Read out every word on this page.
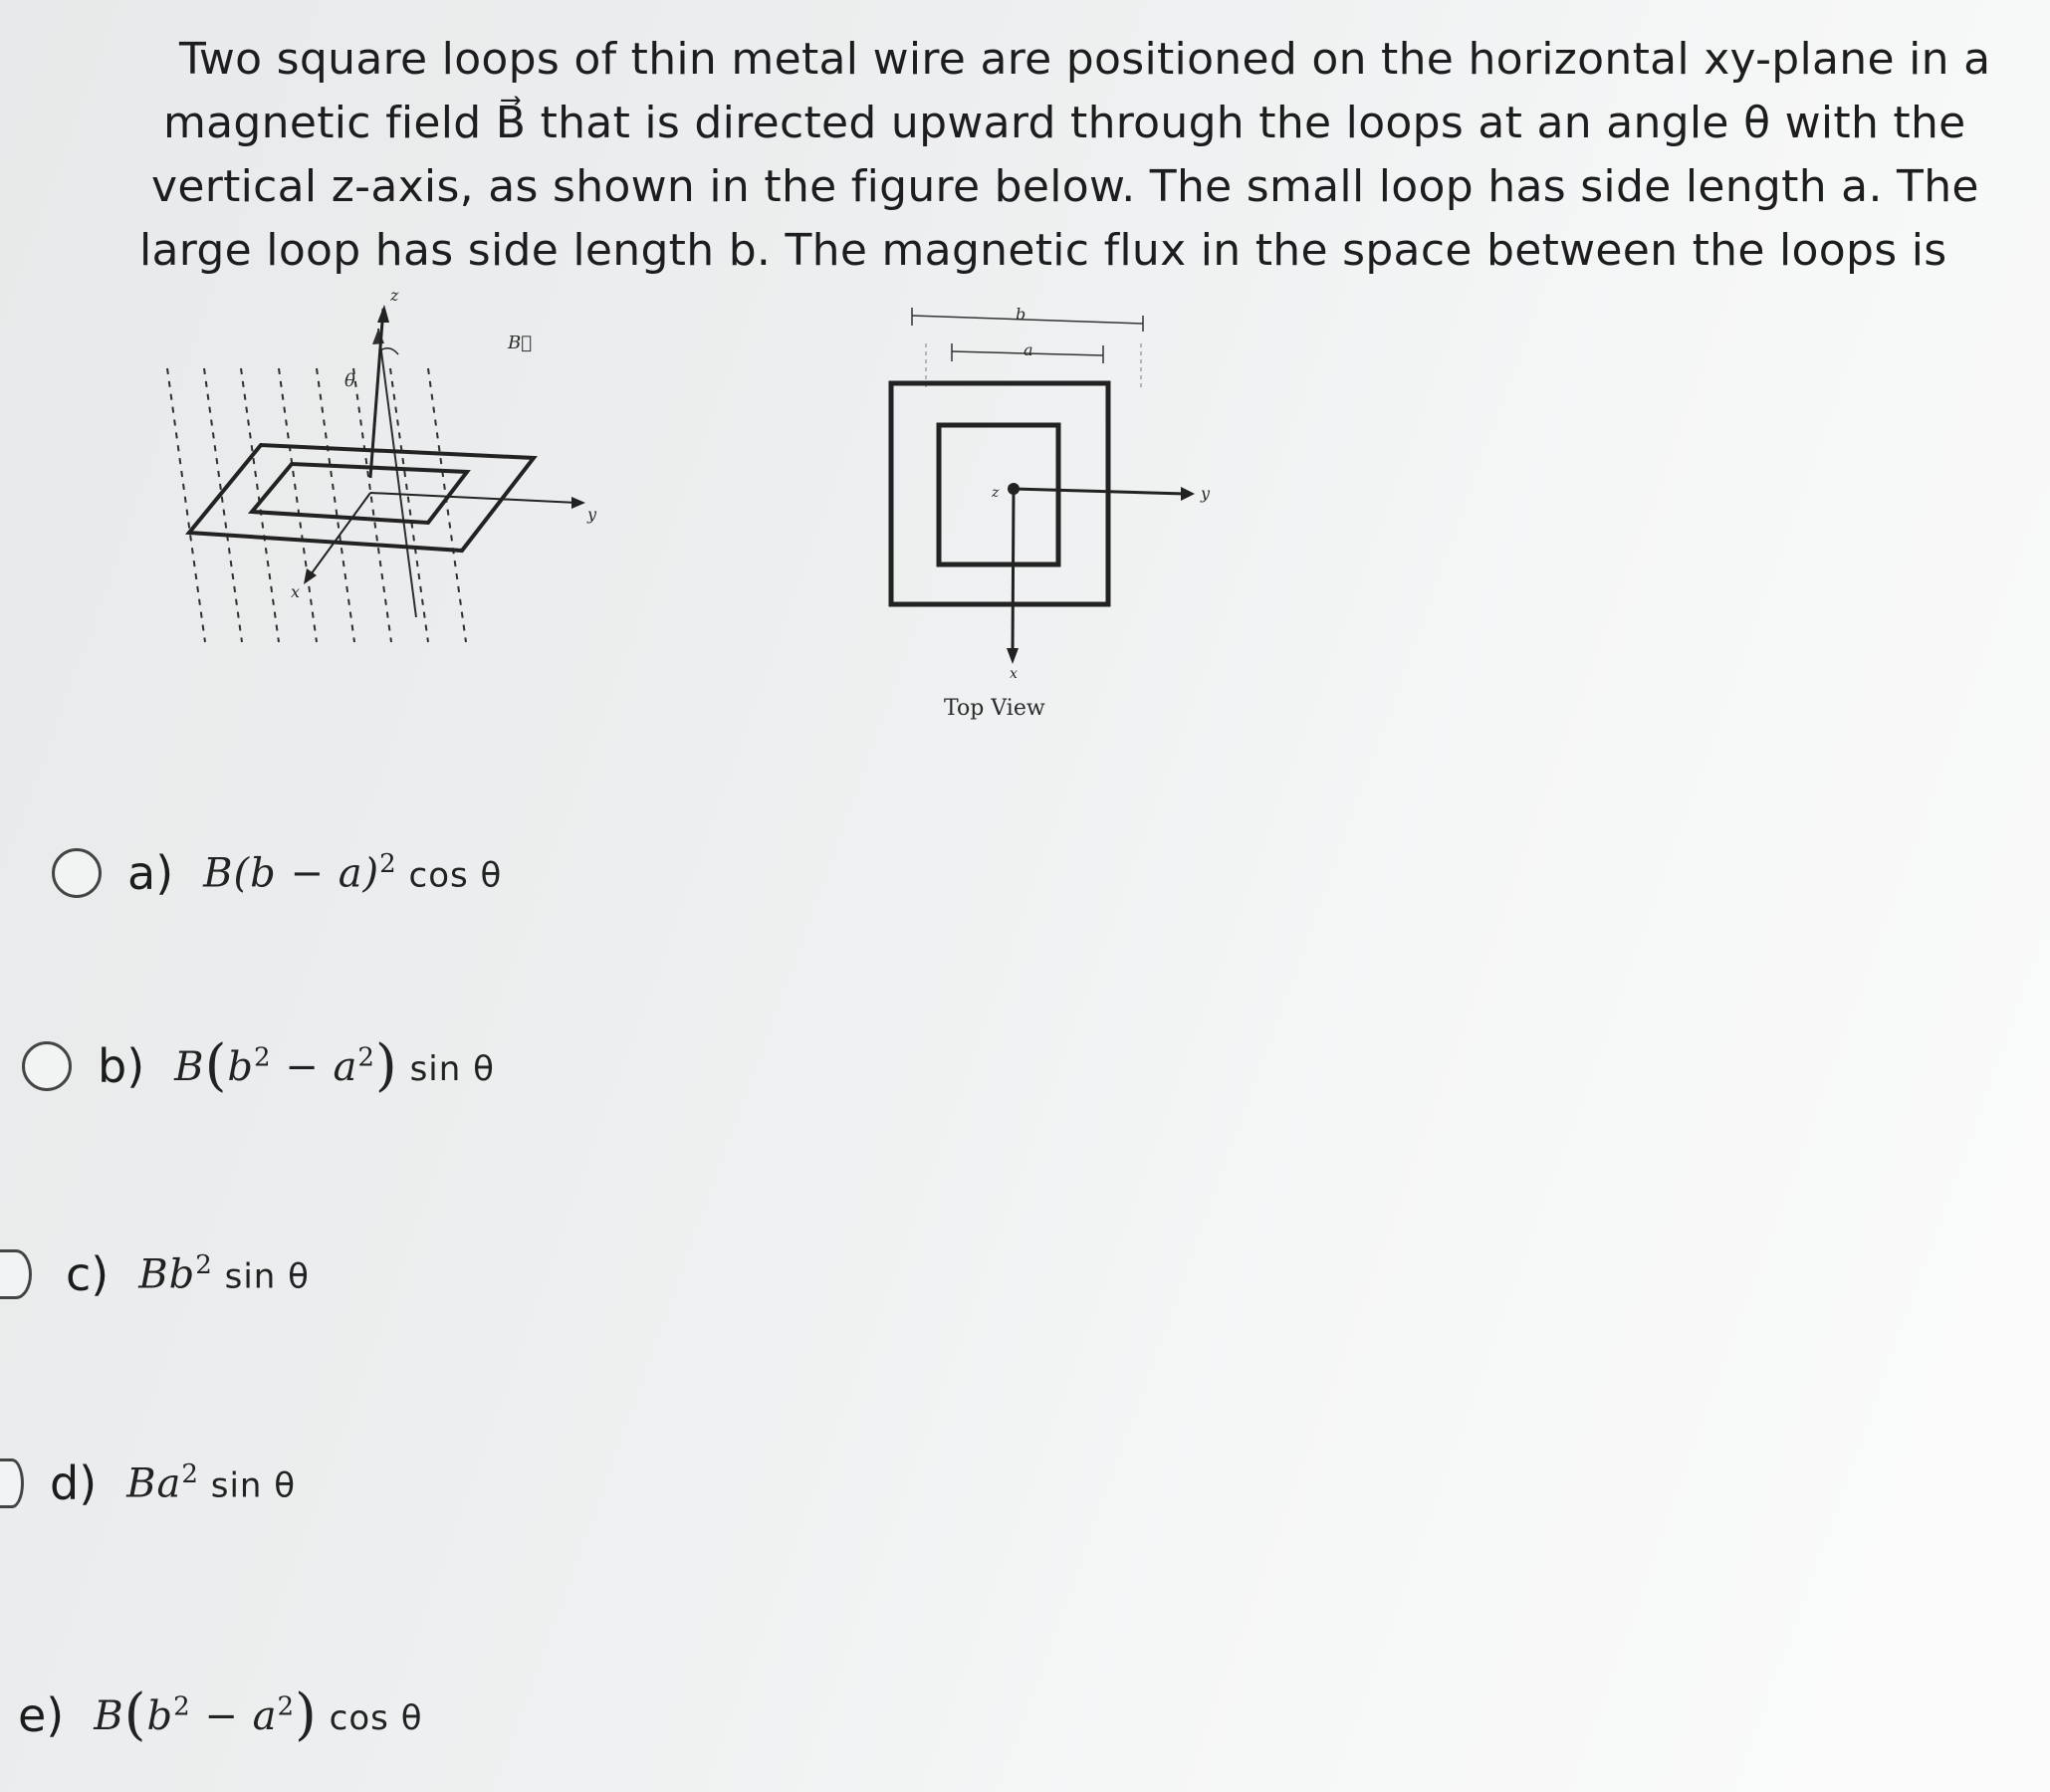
Two square loops of thin metal wire are positioned on the horizontal xy-plane in a
magnetic field B⃗ that is directed upward through the loops at an angle θ with the
vertical z-axis, as shown in the figure below. The small loop has side length a. The
large loop has side length b. The magnetic flux in the space between the loops is
z
y
x
θ
B⃗
b
a
z	y
x
Top View
a) $B(b - a)^2$ cos θ
b) $B(b^2 - a^2)$ sin θ
c) Bb$^2$ sin θ
d) Ba$^2$ sin θ
e) $B(b^2 - a^2)$ cos θ
